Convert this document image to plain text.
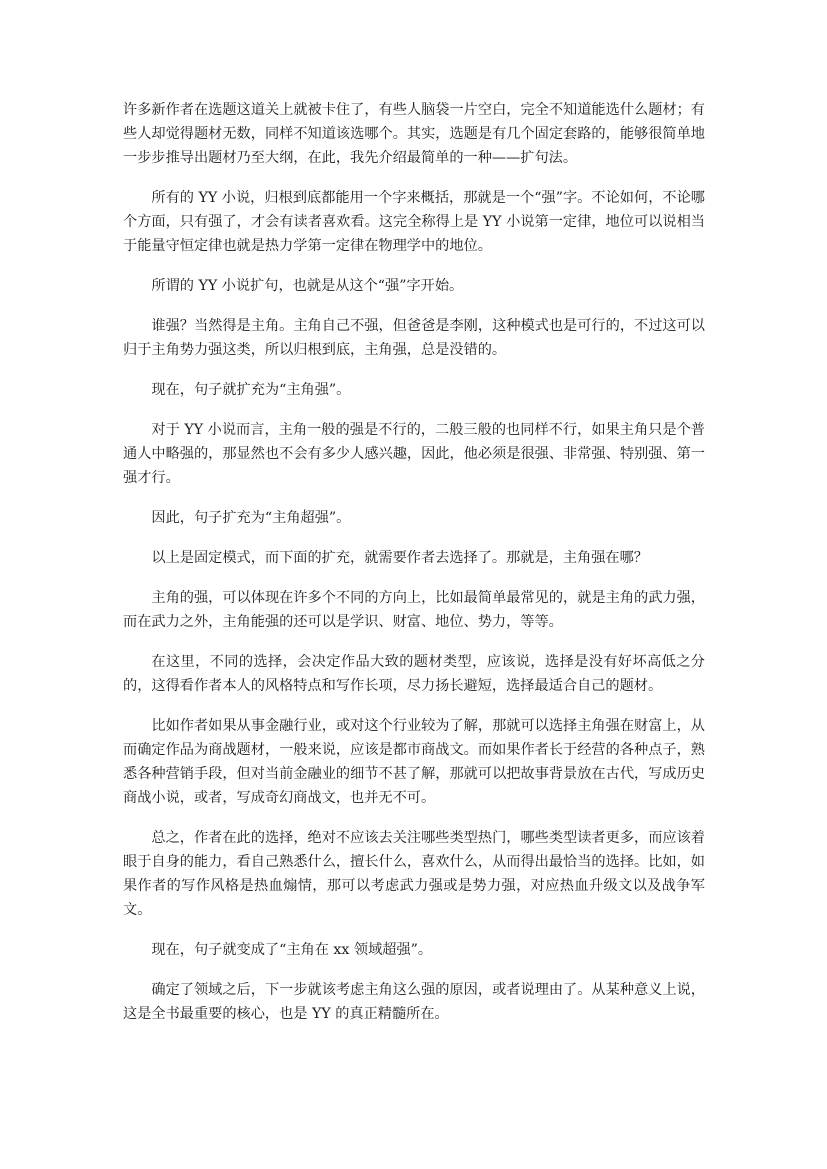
许多新作者在选题这道关上就被卡住了，有些人脑袋一片空白，完全不知道能选什么题材；有些人却觉得题材无数，同样不知道该选哪个。其实，选题是有几个固定套路的，能够很简单地一步步推导出题材乃至大纲，在此，我先介绍最简单的一种——扩句法。

所有的 YY 小说，归根到底都能用一个字来概括，那就是一个“强”字。不论如何，不论哪个方面，只有强了，才会有读者喜欢看。这完全称得上是 YY 小说第一定律，地位可以说相当于能量守恒定律也就是热力学第一定律在物理学中的地位。

所谓的 YY 小说扩句，也就是从这个“强”字开始。

谁强？当然得是主角。主角自己不强，但爸爸是李刚，这种模式也是可行的，不过这可以归于主角势力强这类，所以归根到底，主角强，总是没错的。

现在，句子就扩充为“主角强”。

对于 YY 小说而言，主角一般的强是不行的，二般三般的也同样不行，如果主角只是个普通人中略强的，那显然也不会有多少人感兴趣，因此，他必须是很强、非常强、特别强、第一强才行。

因此，句子扩充为“主角超强”。

以上是固定模式，而下面的扩充，就需要作者去选择了。那就是，主角强在哪？

主角的强，可以体现在许多个不同的方向上，比如最简单最常见的，就是主角的武力强，而在武力之外，主角能强的还可以是学识、财富、地位、势力，等等。

在这里，不同的选择，会决定作品大致的题材类型，应该说，选择是没有好坏高低之分的，这得看作者本人的风格特点和写作长项，尽力扬长避短，选择最适合自己的题材。

比如作者如果从事金融行业，或对这个行业较为了解，那就可以选择主角强在财富上，从而确定作品为商战题材，一般来说，应该是都市商战文。而如果作者长于经营的各种点子，熟悉各种营销手段，但对当前金融业的细节不甚了解，那就可以把故事背景放在古代，写成历史商战小说，或者，写成奇幻商战文，也并无不可。

总之，作者在此的选择，绝对不应该去关注哪些类型热门，哪些类型读者更多，而应该着眼于自身的能力，看自己熟悉什么，擅长什么，喜欢什么，从而得出最恰当的选择。比如，如果作者的写作风格是热血煽情，那可以考虑武力强或是势力强，对应热血升级文以及战争军文。

现在，句子就变成了“主角在 xx 领域超强”。

确定了领域之后，下一步就该考虑主角这么强的原因，或者说理由了。从某种意义上说，这是全书最重要的核心，也是 YY 的真正精髓所在。
